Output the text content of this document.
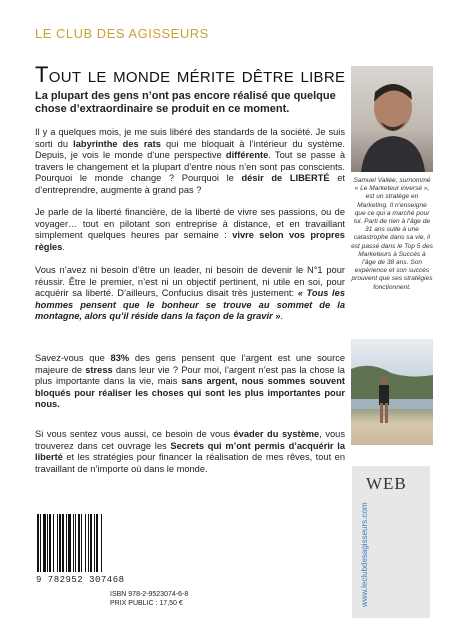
LE CLUB DES AGISSEURS
Tout le monde mérite dêtre libre
La plupart des gens n’ont pas encore réalisé que quelque chose d’extraordinaire se produit en ce moment.

Il y a quelques mois, je me suis libéré des standards de la société. Je suis sorti du labyrinthe des rats qui me bloquait à l’intérieur du système. Depuis, je vois le monde d’une perspective différente. Tout se passe à travers le changement et la plupart d’entre nous n’en sont pas conscients. Pourquoi le monde change ? Pourquoi le désir de LIBERTÉ et d’entreprendre, augmente à grand pas ?

Je parle de la liberté financière, de la liberté de vivre ses passions, ou de voyager… tout en pilotant son entreprise à distance, et en travaillant simplement quelques heures par semaine : vivre selon vos propres règles.

Vous n’avez ni besoin d’être un leader, ni besoin de devenir le N°1 pour réussir. Être le premier, n’est ni un objectif pertinent, ni utile en soi, pour acquérir sa liberté. D’ailleurs, Confucius disait très justement: « Tous les hommes pensent que le bonheur se trouve au sommet de la montagne, alors qu’il réside dans la façon de la gravir ».

Savez-vous que 83% des gens pensent que l’argent est une source majeure de stress dans leur vie ? Pour moi, l’argent n’est pas la chose la plus importante dans la vie, mais sans argent, nous sommes souvent bloqués pour réaliser les choses qui sont les plus importantes pour nous.

Si vous sentez vous aussi, ce besoin de vous évader du système, vous trouverez dans cet ouvrage les Secrets qui m’ont permis d’acquérir la liberté et les stratégies pour financer la réalisation de mes rêves, tout en travaillant de n’importe où dans le monde.

Samuel Vallée, surnommé « Le Marketeur inversé », est un stratège en Marketing. Il n’enseigne que ce qui a marché pour lui. Parti de rien à l’âge de 31 ans suite à une catastrophe dans sa vie, il est passé dans le Top 5 des Marketeurs à Succès à l’âge de 38 ans. Son expérience et son succès prouvent que ses stratégies fonctionnent.
WEB
www.leclubdesagisseurs.com
9 782952 307468
ISBN 978-2-9523074-6-8
PRIX PUBLIC : 17,50 €
